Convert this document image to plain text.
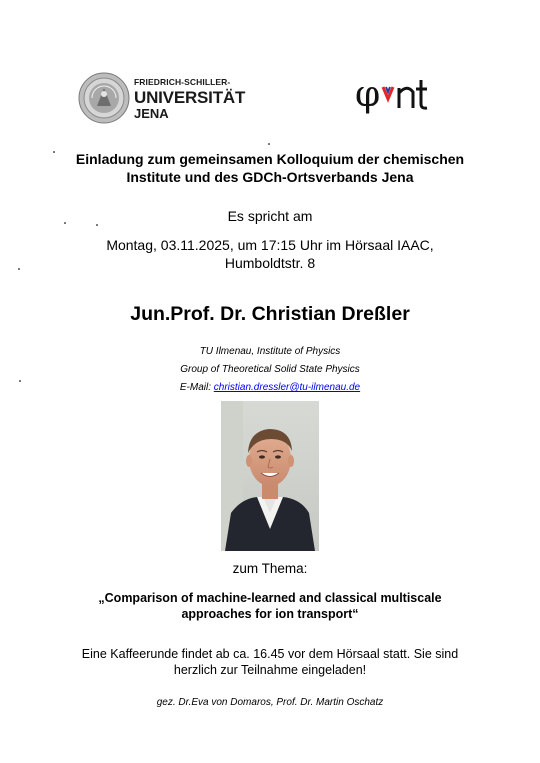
FRIEDRICH-SCHILLER-
UNIVERSITÄT
JENA	φ
Einladung zum gemeinsamen Kolloquium der chemischen
Institute und des GDCh-Ortsverbands Jena
Es spricht am
Montag, 03.11.2025, um 17:15 Uhr im Hörsaal IAAC,
Humboldtstr. 8
Jun.Prof. Dr. Christian Dreßler
TU Ilmenau, Institute of Physics
Group of Theoretical Solid State Physics
E-Mail: christian.dressler@tu-ilmenau.de
zum Thema:
„Comparison of machine-learned and classical multiscale
approaches for ion transport“
Eine Kaffeerunde findet ab ca. 16.45 vor dem Hörsaal statt. Sie sind
herzlich zur Teilnahme eingeladen!
gez. Dr.Eva von Domaros, Prof. Dr. Martin Oschatz
